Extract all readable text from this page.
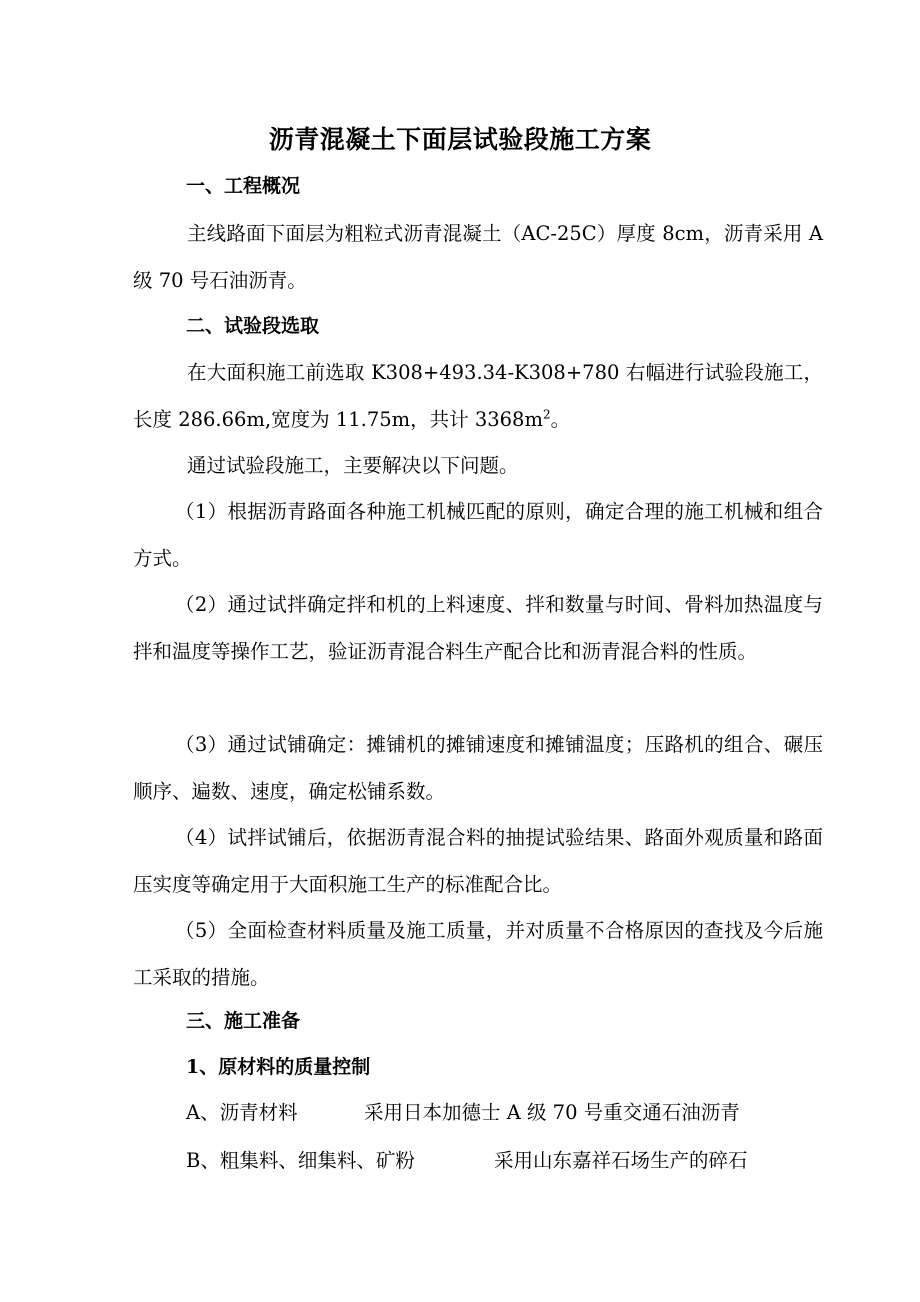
沥青混凝土下面层试验段施工方案
一、工程概况
主线路面下面层为粗粒式沥青混凝土（AC-25C）厚度 8cm，沥青采用 A 级 70 号石油沥青。
二、试验段选取
在大面积施工前选取 K308+493.34-K308+780 右幅进行试验段施工，长度 286.66m,宽度为 11.75m，共计 $3368m^2$。
通过试验段施工，主要解决以下问题。
（1）根据沥青路面各种施工机械匹配的原则，确定合理的施工机械和组合方式。
（2）通过试拌确定拌和机的上料速度、拌和数量与时间、骨料加热温度与拌和温度等操作工艺，验证沥青混合料生产配合比和沥青混合料的性质。
（3）通过试铺确定：摊铺机的摊铺速度和摊铺温度；压路机的组合、碾压顺序、遍数、速度，确定松铺系数。
（4）试拌试铺后，依据沥青混合料的抽提试验结果、路面外观质量和路面压实度等确定用于大面积施工生产的标准配合比。
（5）全面检查材料质量及施工质量，并对质量不合格原因的查找及今后施工采取的措施。
三、施工准备
1、原材料的质量控制
A、沥青材料	采用日本加德士 A 级 70 号重交通石油沥青
B、粗集料、细集料、矿粉	采用山东嘉祥石场生产的碎石
